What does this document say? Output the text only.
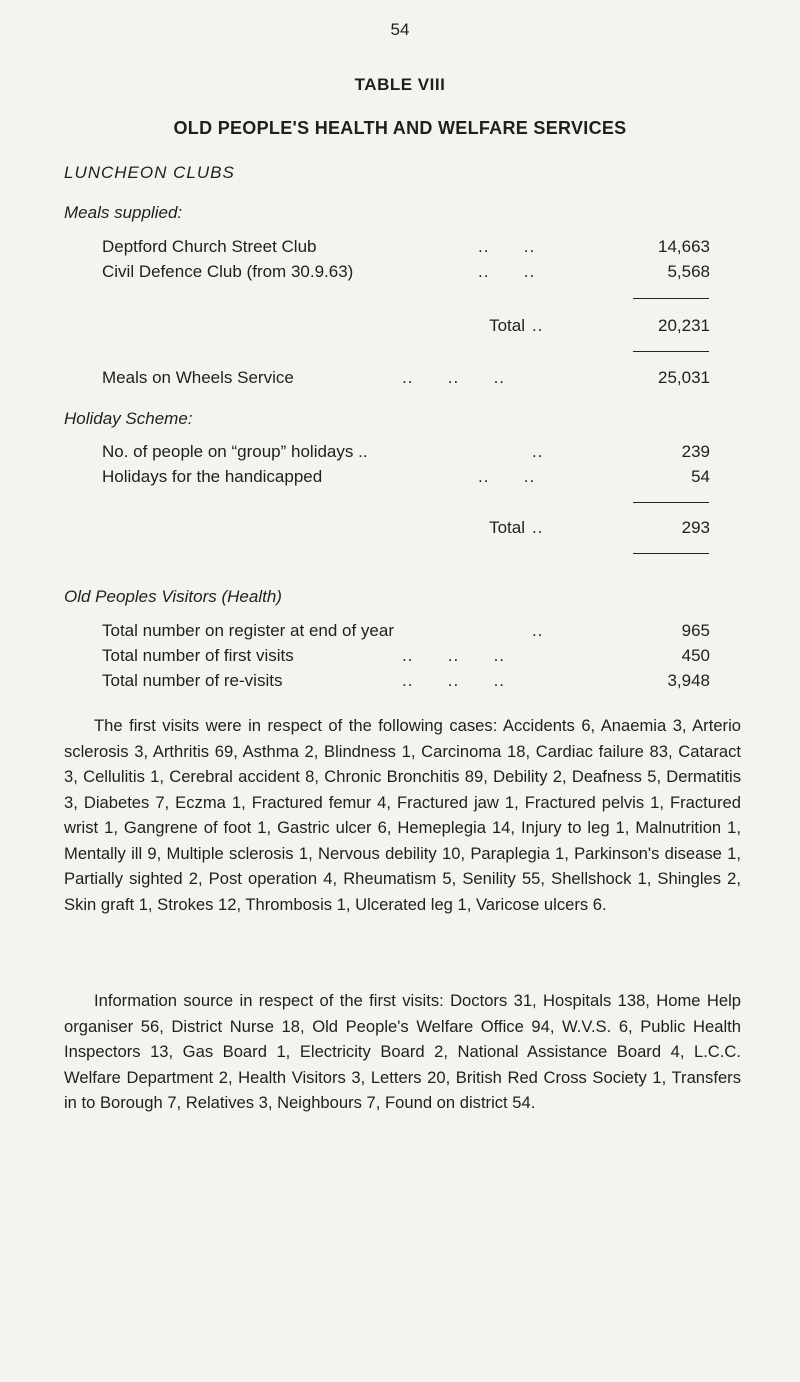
54
TABLE VIII
OLD PEOPLE'S HEALTH AND WELFARE SERVICES
LUNCHEON CLUBS
Meals supplied:
Deptford Church Street Club	..      ..	14,663
Civil Defence Club (from 30.9.63)	..      ..	5,568
Total ..	20,231
Meals on Wheels Service	..      ..      ..	25,031
Holiday Scheme:
No. of people on “group” holidays ..	..	239
Holidays for the handicapped	..      ..	54
Total ..	293
Old Peoples Visitors (Health)
Total number on register at end of year	..	965
Total number of first visits	..      ..      ..	450
Total number of re-visits	..      ..      ..	3,948
The first visits were in respect of the following cases: Accidents 6, Anaemia 3, Arterio sclerosis 3, Arthritis 69, Asthma 2, Blindness 1, Carcinoma 18, Cardiac failure 83, Cataract 3, Cellulitis 1, Cerebral accident 8, Chronic Bronchitis 89, Debility 2, Deafness 5, Dermatitis 3, Diabetes 7, Eczma 1, Fractured femur 4, Fractured jaw 1, Fractured pelvis 1, Fractured wrist 1, Gangrene of foot 1, Gastric ulcer 6, Hemeplegia 14, Injury to leg 1, Malnutrition 1, Mentally ill 9, Multiple sclerosis 1, Nervous debility 10, Paraplegia 1, Parkinson's disease 1, Partially sighted 2, Post operation 4, Rheumatism 5, Senility 55, Shellshock 1, Shingles 2, Skin graft 1, Strokes 12, Thrombosis 1, Ulcerated leg 1, Varicose ulcers 6.
Information source in respect of the first visits: Doctors 31, Hospitals 138, Home Help organiser 56, District Nurse 18, Old People's Welfare Office 94, W.V.S. 6, Public Health Inspectors 13, Gas Board 1, Electricity Board 2, National Assistance Board 4, L.C.C. Welfare Department 2, Health Visitors 3, Letters 20, British Red Cross Society 1, Transfers in to Borough 7, Relatives 3, Neighbours 7, Found on district 54.
